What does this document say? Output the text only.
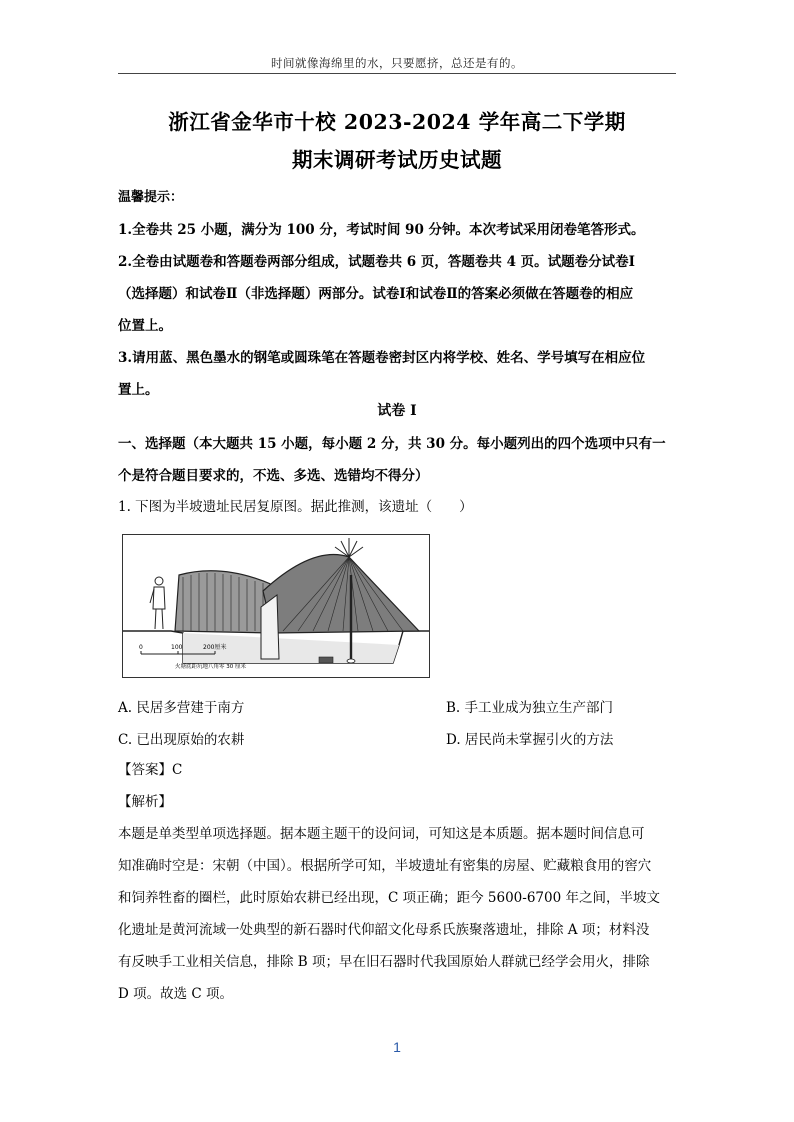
时间就像海绵里的水，只要愿挤，总还是有的。
浙江省金华市十校 2023-2024 学年高二下学期
期末调研考试历史试题

温馨提示：

1.全卷共 25 小题，满分为 100 分，考试时间 90 分钟。本次考试采用闭卷笔答形式。

2.全卷由试题卷和答题卷两部分组成，试题卷共 6 页，答题卷共 4 页。试题卷分试卷Ⅰ

（选择题）和试卷Ⅱ（非选择题）两部分。试卷Ⅰ和试卷Ⅱ的答案必须做在答题卷的相应

位置上。

3.请用蓝、黑色墨水的钢笔或圆珠笔在答题卷密封区内将学校、姓名、学号填写在相应位

置上。

试卷 I

一、选择题（本大题共 15 小题，每小题 2 分，共 30 分。每小题列出的四个选项中只有一

个是符合题目要求的，不选、多选、选错均不得分）

1. 下图为半坡遗址民居复原图。据此推测，该遗址（　　）
0	100	200厘米
火塘底距坑地八角零 30 厘米
A. 民居多营建于南方	B. 手工业成为独立生产部门
C. 已出现原始的农耕	D. 居民尚未掌握引火的方法

【答案】C

【解析】

本题是单类型单项选择题。据本题主题干的设问词，可知这是本质题。据本题时间信息可

知准确时空是：宋朝（中国）。根据所学可知，半坡遗址有密集的房屋、贮藏粮食用的窖穴

和饲养牲畜的圈栏，此时原始农耕已经出现，C 项正确；距今 5600-6700 年之间，半坡文

化遗址是黄河流域一处典型的新石器时代仰韶文化母系氏族聚落遗址，排除 A 项；材料没

有反映手工业相关信息，排除 B 项；早在旧石器时代我国原始人群就已经学会用火，排除

D 项。故选 C 项。

1
